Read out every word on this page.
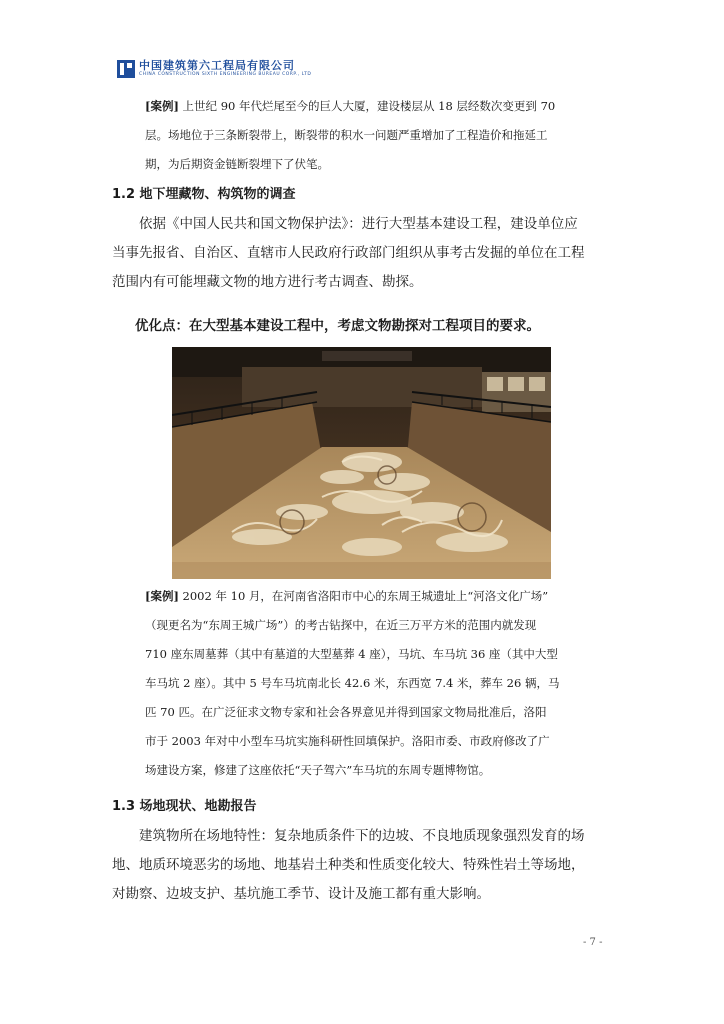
中国建筑第六工程局有限公司
CHINA CONSTRUCTION SIXTH ENGINEERING BUREAU CORP., LTD

[案例] 上世纪 90 年代烂尾至今的巨人大厦，建设楼层从 18 层经数次变更到 70

层。场地位于三条断裂带上，断裂带的积水一问题严重增加了工程造价和拖延工

期，为后期资金链断裂埋下了伏笔。

1.2 地下埋藏物、构筑物的调查

依据《中国人民共和国文物保护法》：进行大型基本建设工程，建设单位应

当事先报省、自治区、直辖市人民政府行政部门组织从事考古发掘的单位在工程

范围内有可能埋藏文物的地方进行考古调查、勘探。

优化点：在大型基本建设工程中，考虑文物勘探对工程项目的要求。

[案例] 2002 年 10 月，在河南省洛阳市中心的东周王城遗址上“河洛文化广场”

（现更名为“东周王城广场”）的考古钻探中，在近三万平方米的范围内就发现

710 座东周墓葬（其中有墓道的大型墓葬 4 座），马坑、车马坑 36 座（其中大型

车马坑 2 座）。其中 5 号车马坑南北长 42.6 米，东西宽 7.4 米，葬车 26 辆，马

匹 70 匹。在广泛征求文物专家和社会各界意见并得到国家文物局批准后，洛阳

市于 2003 年对中小型车马坑实施科研性回填保护。洛阳市委、市政府修改了广

场建设方案，修建了这座依托“天子驾六”车马坑的东周专题博物馆。

1.3 场地现状、地勘报告

建筑物所在场地特性：复杂地质条件下的边坡、不良地质现象强烈发育的场

地、地质环境恶劣的场地、地基岩土种类和性质变化较大、特殊性岩土等场地，

对勘察、边坡支护、基坑施工季节、设计及施工都有重大影响。

- 7 -
